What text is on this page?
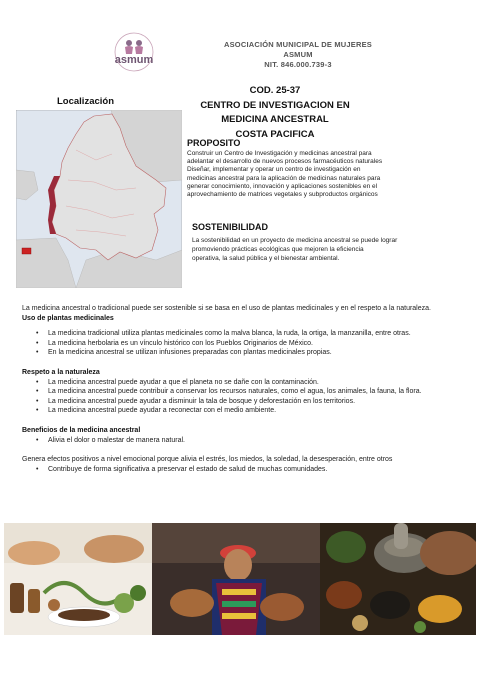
asmum
ASOCIACIÓN MUNICIPAL DE MUJERES
ASMUM
NIT. 846.000.739-3
COD. 25-37
CENTRO DE INVESTIGACION EN
MEDICINA ANCESTRAL
COSTA PACIFICA
Localización
PROPOSITO
Construir un Centro de Investigación y medicinas ancestral para
adelantar el desarrollo de nuevos procesos farmacéuticos naturales
Diseñar, implementar y operar un centro de investigación en
medicinas ancestral para la aplicación de medicinas naturales para
generar conocimiento, innovación y aplicaciones sostenibles en el
aprovechamiento de matrices vegetales y subproductos orgánicos
SOSTENIBILIDAD
La sostenibilidad en un proyecto de medicina ancestral se puede lograr
promoviendo prácticas ecológicas que mejoren la eficiencia
operativa, la salud pública y el bienestar ambiental.

La medicina ancestral o tradicional puede ser sostenible si se basa en el uso de plantas medicinales y en el respeto a la naturaleza.

Uso de plantas medicinales
• La medicina tradicional utiliza plantas medicinales como la malva blanca, la ruda, la ortiga, la manzanilla, entre otras.
• La medicina herbolaria es un vínculo histórico con los Pueblos Originarios de México.
• En la medicina ancestral se utilizan infusiones preparadas con plantas medicinales propias.
Respeto a la naturaleza
• La medicina ancestral puede ayudar a que el planeta no se dañe con la contaminación.
• La medicina ancestral puede contribuir a conservar los recursos naturales, como el agua, los animales, la fauna, la flora.
• La medicina ancestral puede ayudar a disminuir la tala de bosque y deforestación en los territorios.
• La medicina ancestral puede ayudar a reconectar con el medio ambiente.
Beneficios de la medicina ancestral
• Alivia el dolor o malestar de manera natural.

Genera efectos positivos a nivel emocional porque alivia el estrés, los miedos, la soledad, la desesperación, entre otros

• Contribuye de forma significativa a preservar el estado de salud de muchas comunidades.
